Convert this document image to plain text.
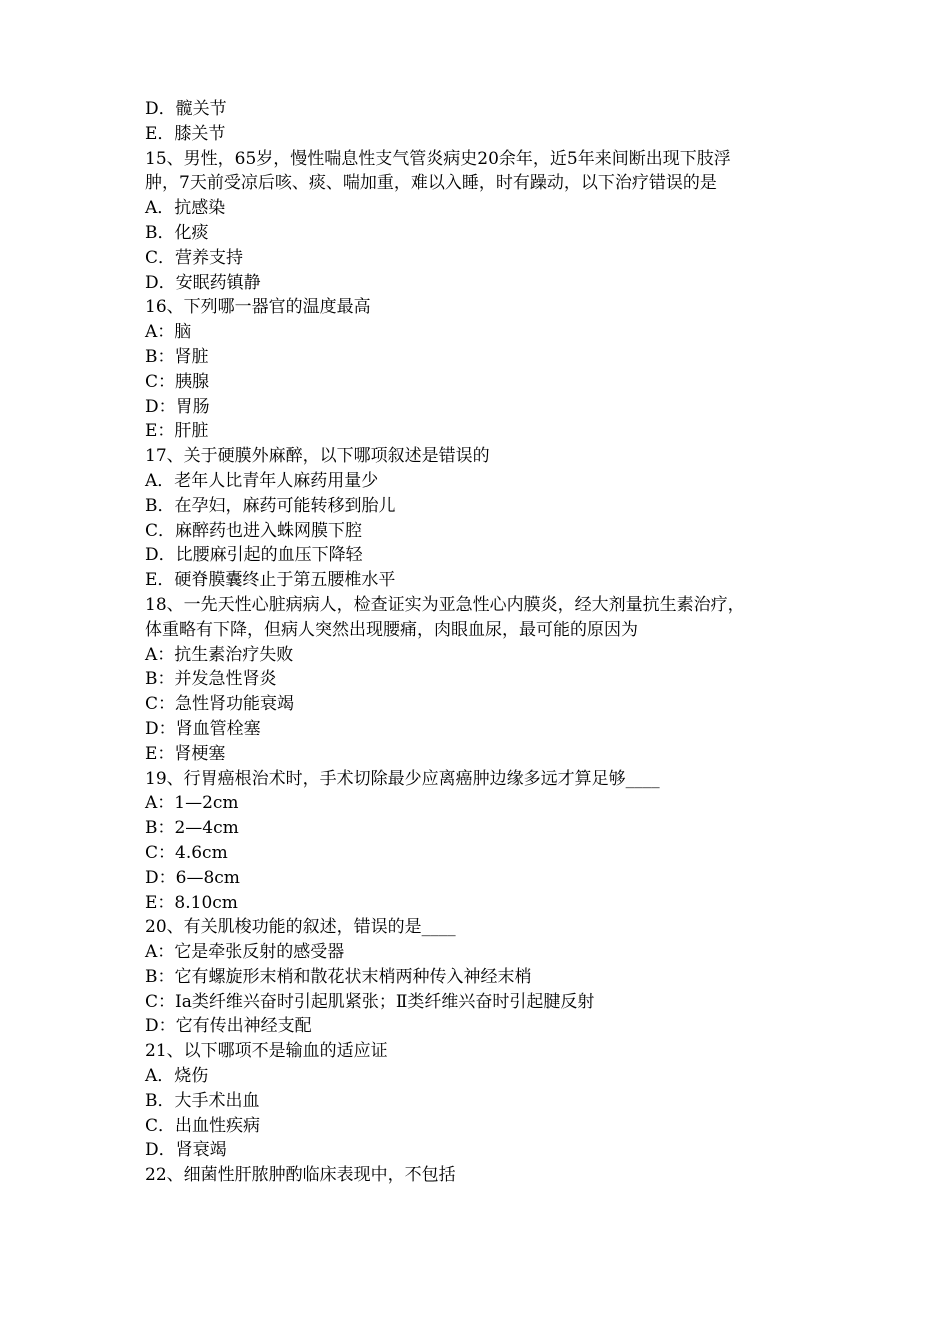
D．髋关节
E．膝关节
15、男性，65岁，慢性喘息性支气管炎病史20余年，近5年来间断出现下肢浮
肿，7天前受凉后咳、痰、喘加重，难以入睡，时有躁动，以下治疗错误的是
A．抗感染
B．化痰
C．营养支持
D．安眠药镇静
16、下列哪一器官的温度最高
A：脑
B：肾脏
C：胰腺
D：胃肠
E：肝脏
17、关于硬膜外麻醉，以下哪项叙述是错误的
A．老年人比青年人麻药用量少
B．在孕妇，麻药可能转移到胎儿
C．麻醉药也进入蛛网膜下腔
D．比腰麻引起的血压下降轻
E．硬脊膜囊终止于第五腰椎水平
18、一先天性心脏病病人，检查证实为亚急性心内膜炎，经大剂量抗生素治疗，
体重略有下降，但病人突然出现腰痛，肉眼血尿，最可能的原因为
A：抗生素治疗失败
B：并发急性肾炎
C：急性肾功能衰竭
D：肾血管栓塞
E：肾梗塞
19、行胃癌根治术时，手术切除最少应离癌肿边缘多远才算足够____
A：1—2cm
B：2—4cm
C：4.6cm
D：6—8cm
E：8.10cm
20、有关肌梭功能的叙述，错误的是____
A：它是牵张反射的感受器
B：它有螺旋形末梢和散花状末梢两种传入神经末梢
C：Ⅰa类纤维兴奋时引起肌紧张；Ⅱ类纤维兴奋时引起腱反射
D：它有传出神经支配
21、以下哪项不是输血的适应证
A．烧伤
B．大手术出血
C．出血性疾病
D．肾衰竭
22、细菌性肝脓肿酌临床表现中，不包括
